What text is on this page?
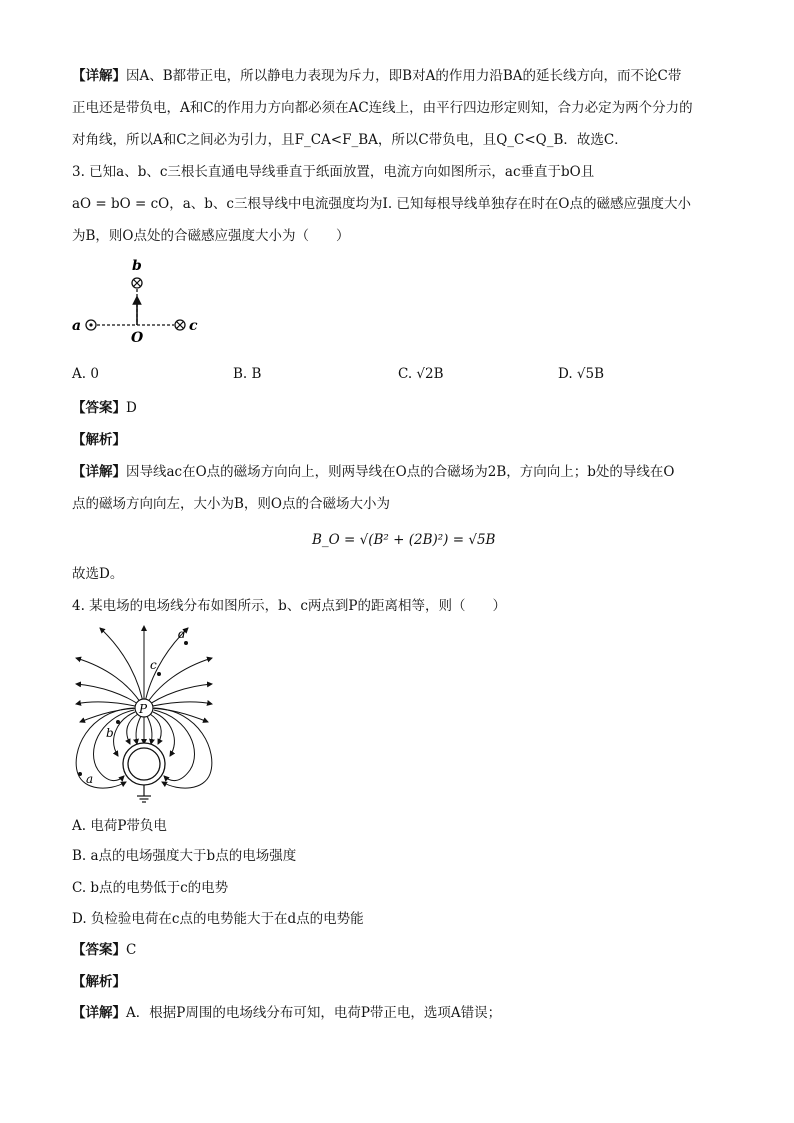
【详解】因A、B都带正电，所以静电力表现为斥力，即B对A的作用力沿BA的延长线方向，而不论C带
正电还是带负电，A和C的作用力方向都必须在AC连线上，由平行四边形定则知，合力必定为两个分力的
对角线，所以A和C之间必为引力，且F_CA<F_BA，所以C带负电，且Q_C<Q_B．故选C．
3. 已知a、b、c三根长直通电导线垂直于纸面放置，电流方向如图所示，ac垂直于bO且
aO = bO = cO，a、b、c三根导线中电流强度均为I. 已知每根导线单独存在时在O点的磁感应强度大小
为B，则O点处的合磁感应强度大小为（　　）
b
a	c
O
A. 0	B. B	C. √2B	D. √5B
【答案】D
【解析】
【详解】因导线ac在O点的磁场方向向上，则两导线在O点的合磁场为2B，方向向上；b处的导线在O
点的磁场方向向左，大小为B，则O点的合磁场大小为
B_O = √(B² + (2B)²) = √5B
故选D。
4. 某电场的电场线分布如图所示，b、c两点到P的距离相等，则（　　）
P
d
c
b
a
A. 电荷P带负电
B. a点的电场强度大于b点的电场强度
C. b点的电势低于c的电势
D. 负检验电荷在c点的电势能大于在d点的电势能
【答案】C
【解析】
【详解】A．根据P周围的电场线分布可知，电荷P带正电，选项A错误；
